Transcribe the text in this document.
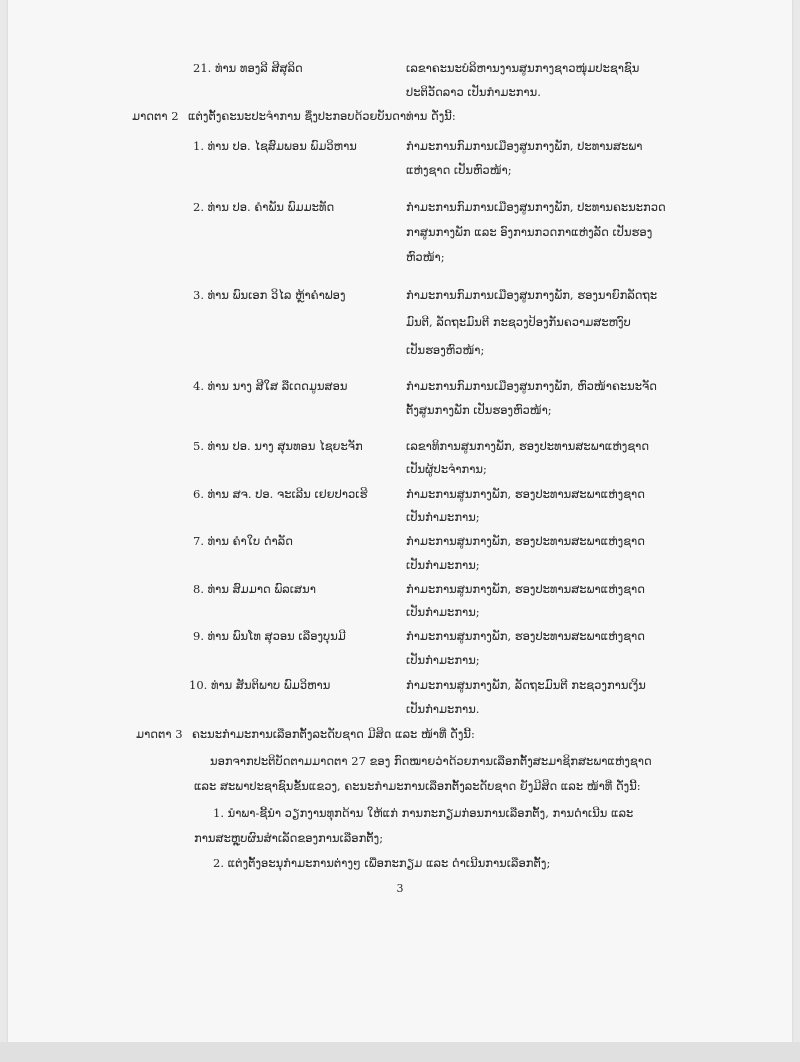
21. ທ່ານ ທອງລີ ສີສຸລິດ	ເລຂາຄະນະບໍລິຫານງານສູນກາງຊາວໜຸ່ມປະຊາຊົນ
ປະຕິວັດລາວ ເປັນກຳມະການ.
ມາດຕາ 2 ແຕ່ງຕັ້ງຄະນະປະຈຳການ ຊຶ່ງປະກອບດ້ວຍບັນດາທ່ານ ດັ່ງນີ້:
1. ທ່ານ ປອ. ໄຊສົມພອນ ພົມວິຫານ	ກຳມະການກົມການເມືອງສູນກາງພັກ, ປະທານສະພາ
ແຫ່ງຊາດ ເປັນຫົວໜ້າ;
2. ທ່ານ ປອ. ຄຳພັນ ພົມມະທັດ	ກຳມະການກົມການເມືອງສູນກາງພັກ, ປະທານຄະນະກວດ
ກາສູນກາງພັກ ແລະ ອົງການກວດກາແຫ່ງລັດ ເປັນຮອງ
ຫົວໜ້າ;
3. ທ່ານ ພົນເອກ ວິໄລ ຫຼ້າຄຳຟອງ	ກຳມະການກົມການເມືອງສູນກາງພັກ, ຮອງນາຍົກລັດຖະ
ມົນຕີ, ລັດຖະມົນຕີ ກະຊວງປ້ອງກັນຄວາມສະຫງົບ
ເປັນຮອງຫົວໜ້າ;
4. ທ່ານ ນາງ ສີໃສ ລືເດດມູນສອນ	ກຳມະການກົມການເມືອງສູນກາງພັກ, ຫົວໜ້າຄະນະຈັດ
ຕັ້ງສູນກາງພັກ ເປັນຮອງຫົວໜ້າ;
5. ທ່ານ ປອ. ນາງ ສຸນທອນ ໄຊຍະຈັກ	ເລຂາທິການສູນກາງພັກ, ຮອງປະທານສະພາແຫ່ງຊາດ
ເປັນຜູ້ປະຈຳການ;
6. ທ່ານ ສຈ. ປອ. ຈະເລີນ ເຢຍປາວເຮີ	ກຳມະການສູນກາງພັກ, ຮອງປະທານສະພາແຫ່ງຊາດ
ເປັນກຳມະການ;
7. ທ່ານ ຄຳໃບ ດຳລັດ	ກຳມະການສູນກາງພັກ, ຮອງປະທານສະພາແຫ່ງຊາດ
ເປັນກຳມະການ;
8. ທ່ານ ສົມມາດ ພົລເສນາ	ກຳມະການສູນກາງພັກ, ຮອງປະທານສະພາແຫ່ງຊາດ
ເປັນກຳມະການ;
9. ທ່ານ ພົນໂທ ສຸວອນ ເລືອງບຸນມີ	ກຳມະການສູນກາງພັກ, ຮອງປະທານສະພາແຫ່ງຊາດ
ເປັນກຳມະການ;
10. ທ່ານ ສັນຕິພາບ ພົມວິຫານ	ກຳມະການສູນກາງພັກ, ລັດຖະມົນຕີ ກະຊວງການເງິນ
ເປັນກຳມະການ.
ມາດຕາ 3 ຄະນະກຳມະການເລືອກຕັ້ງລະດັບຊາດ ມີສິດ ແລະ ໜ້າທີ່ ດັ່ງນີ້:
ນອກຈາກປະຕິບັດຕາມມາດຕາ 27 ຂອງ ກົດໝາຍວ່າດ້ວຍການເລືອກຕັ້ງສະມາຊິກສະພາແຫ່ງຊາດ
ແລະ ສະພາປະຊາຊົນຂັ້ນແຂວງ, ຄະນະກຳມະການເລືອກຕັ້ງລະດັບຊາດ ຍັງມີສິດ ແລະ ໜ້າທີ່ ດັ່ງນີ້:
1. ນຳພາ-ຊີ້ນຳ ວຽກງານທຸກດ້ານ ໃຫ້ແກ່ ການກະກຽມກ່ອນການເລືອກຕັ້ງ, ການດຳເນີນ ແລະ
ການສະຫຼຸບຜົນສຳເລັດຂອງການເລືອກຕັ້ງ;
2. ແຕ່ງຕັ້ງອະນຸກຳມະການຕ່າງໆ ເພື່ອກະກຽມ ແລະ ດຳເນີນການເລືອກຕັ້ງ;
3
